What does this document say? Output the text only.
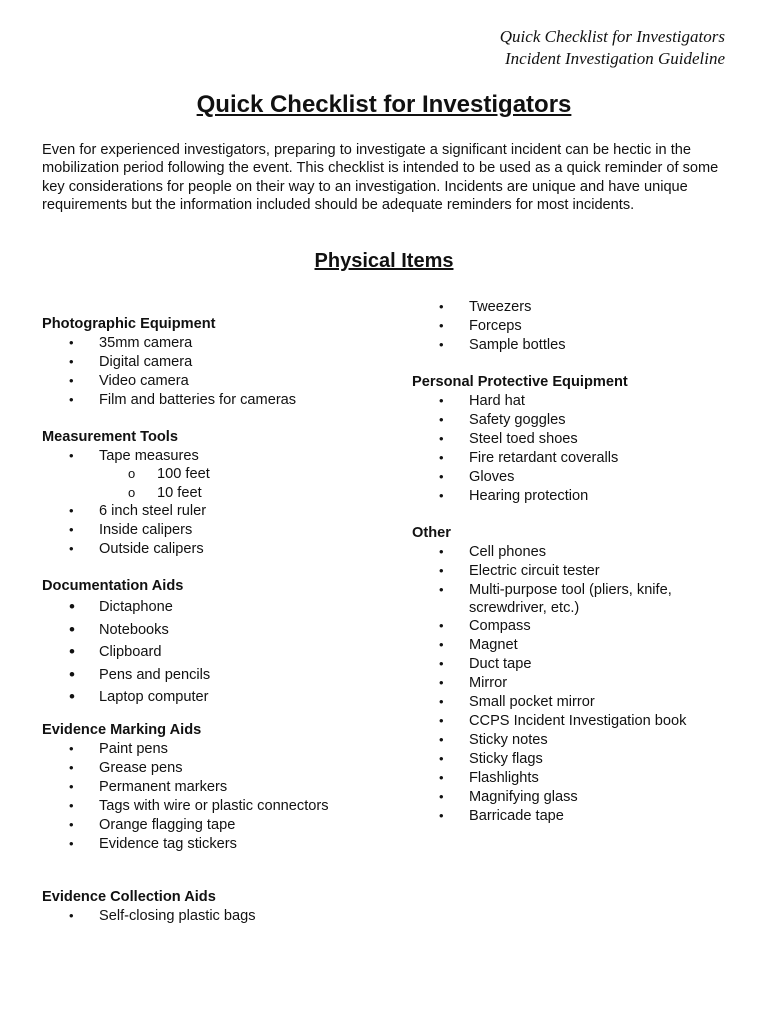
Quick Checklist for Investigators
Incident Investigation Guideline
Quick Checklist for Investigators
Even for experienced investigators, preparing to investigate a significant incident can be hectic in the mobilization period following the event. This checklist is intended to be used as a quick reminder of some key considerations for people on their way to an investigation. Incidents are unique and have unique requirements but the information included should be adequate reminders for most incidents.
Physical Items
Photographic Equipment
• 35mm camera
• Digital camera
• Video camera
• Film and batteries for cameras
Measurement Tools
• Tape measures
o 100 feet
o 10 feet
• 6 inch steel ruler
• Inside calipers
• Outside calipers
Documentation Aids
• Dictaphone
• Notebooks
• Clipboard
• Pens and pencils
• Laptop computer
Evidence Marking Aids
• Paint pens
• Grease pens
• Permanent markers
• Tags with wire or plastic connectors
• Orange flagging tape
• Evidence tag stickers
Evidence Collection Aids
• Self-closing plastic bags
• Tweezers
• Forceps
• Sample bottles
Personal Protective Equipment
• Hard hat
• Safety goggles
• Steel toed shoes
• Fire retardant coveralls
• Gloves
• Hearing protection
Other
• Cell phones
• Electric circuit tester
• Multi-purpose tool (pliers, knife, screwdriver, etc.)
• Compass
• Magnet
• Duct tape
• Mirror
• Small pocket mirror
• CCPS Incident Investigation book
• Sticky notes
• Sticky flags
• Flashlights
• Magnifying glass
• Barricade tape
